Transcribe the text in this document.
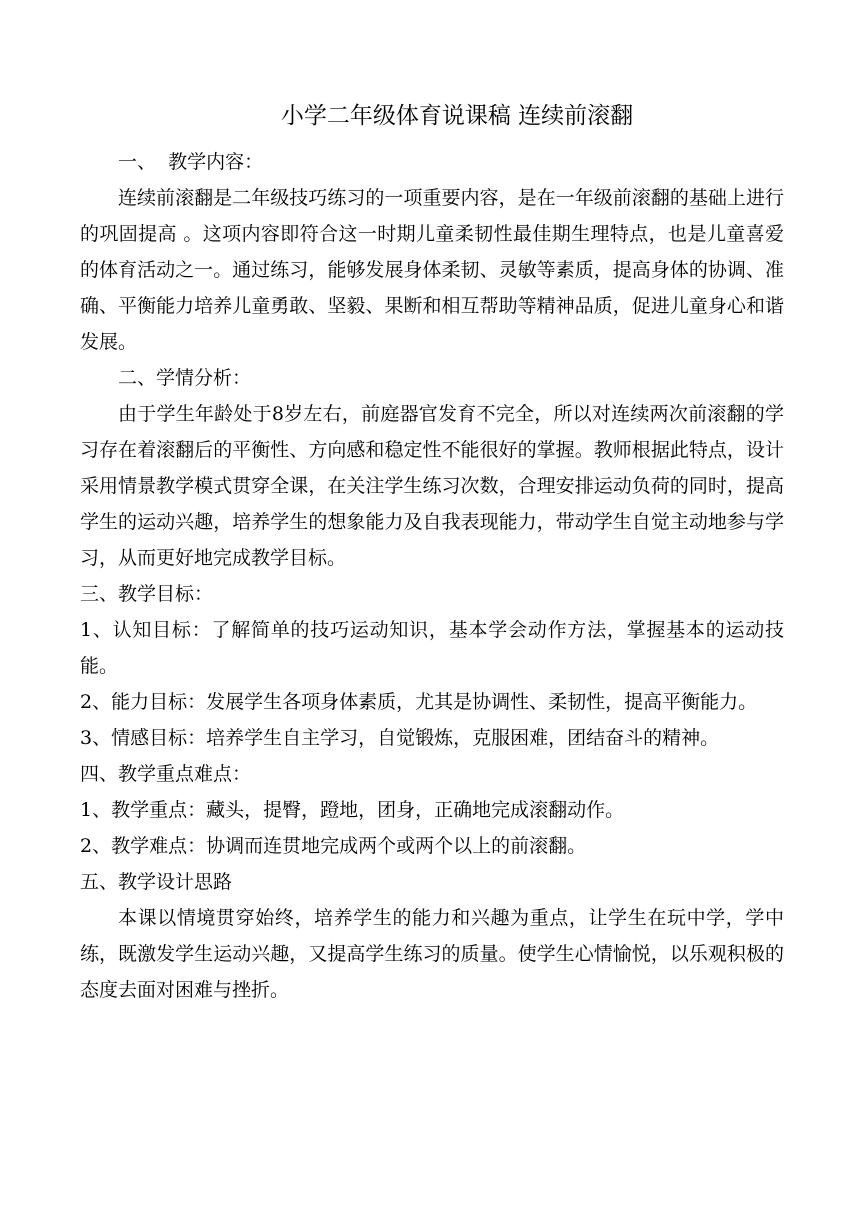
小学二年级体育说课稿 连续前滚翻

一、  教学内容：

连续前滚翻是二年级技巧练习的一项重要内容，是在一年级前滚翻的基础上进行的巩固提高 。这项内容即符合这一时期儿童柔韧性最佳期生理特点，也是儿童喜爱的体育活动之一。通过练习，能够发展身体柔韧、灵敏等素质，提高身体的协调、准确、平衡能力培养儿童勇敢、坚毅、果断和相互帮助等精神品质，促进儿童身心和谐发展。

二、学情分析：

由于学生年龄处于8岁左右，前庭器官发育不完全，所以对连续两次前滚翻的学习存在着滚翻后的平衡性、方向感和稳定性不能很好的掌握。教师根据此特点，设计采用情景教学模式贯穿全课，在关注学生练习次数，合理安排运动负荷的同时，提高学生的运动兴趣，培养学生的想象能力及自我表现能力，带动学生自觉主动地参与学习，从而更好地完成教学目标。

三、教学目标：

1、认知目标：了解简单的技巧运动知识，基本学会动作方法，掌握基本的运动技能。

2、能力目标：发展学生各项身体素质，尤其是协调性、柔韧性，提高平衡能力。

3、情感目标：培养学生自主学习，自觉锻炼，克服困难，团结奋斗的精神。

四、教学重点难点：

1、教学重点：藏头，提臀，蹬地，团身，正确地完成滚翻动作。

2、教学难点：协调而连贯地完成两个或两个以上的前滚翻。

五、教学设计思路

本课以情境贯穿始终，培养学生的能力和兴趣为重点，让学生在玩中学，学中练，既激发学生运动兴趣，又提高学生练习的质量。使学生心情愉悦，以乐观积极的态度去面对困难与挫折。
